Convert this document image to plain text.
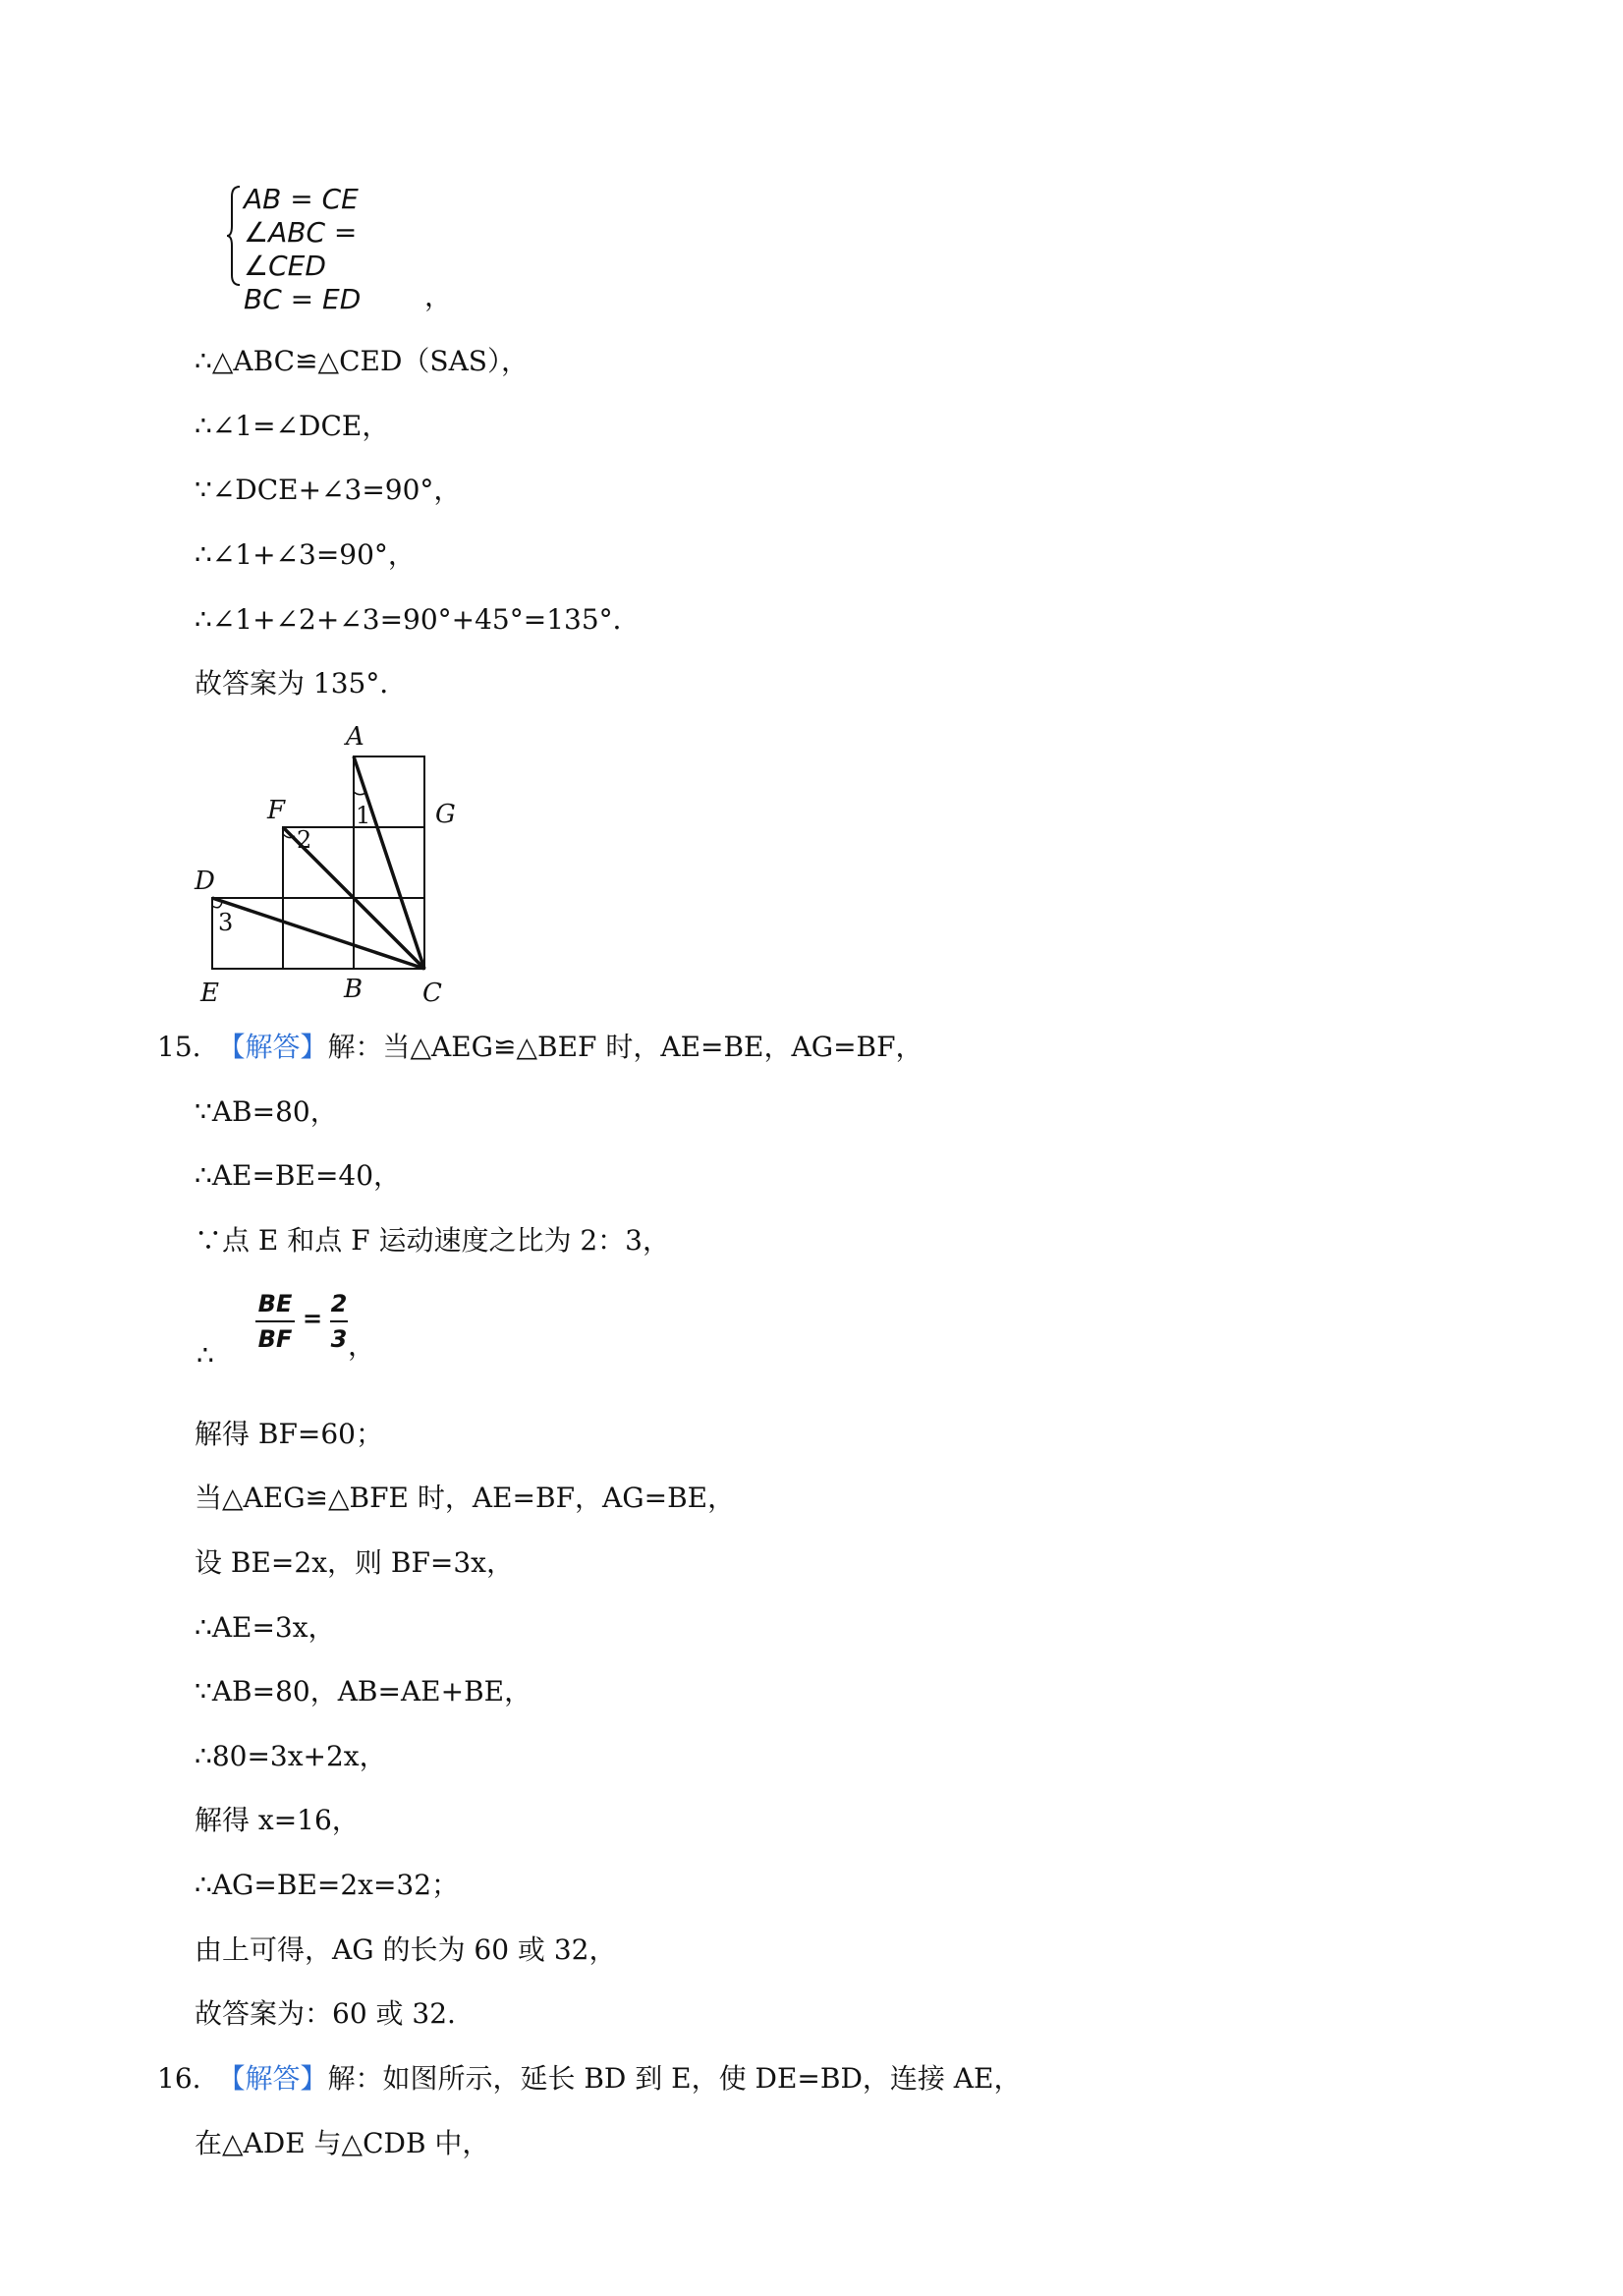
AB = CE
∠ABC = ∠CED
BC = ED	，
∴△ABC≌△CED（SAS），
∴∠1=∠DCE，
∵∠DCE+∠3=90°，
∴∠1+∠3=90°，
∴∠1+∠2+∠3=90°+45°=135°．
故答案为 135°．
A
G
F
D
E	B C
1
2
3
15. 【解答】解：当△AEG≌△BEF 时，AE=BE，AG=BF，
∵AB=80，
∴AE=BE=40，
∵点 E 和点 F 运动速度之比为 2：3，
∴
BE
BF
=
2
3 ，
解得 BF=60；
当△AEG≌△BFE 时，AE=BF，AG=BE，
设 BE=2x，则 BF=3x，
∴AE=3x，
∵AB=80，AB=AE+BE，
∴80=3x+2x，
解得 x=16，
∴AG=BE=2x=32；
由上可得，AG 的长为 60 或 32，
故答案为：60 或 32.
16. 【解答】解：如图所示，延长 BD 到 E，使 DE=BD，连接 AE，
在△ADE 与△CDB 中，
